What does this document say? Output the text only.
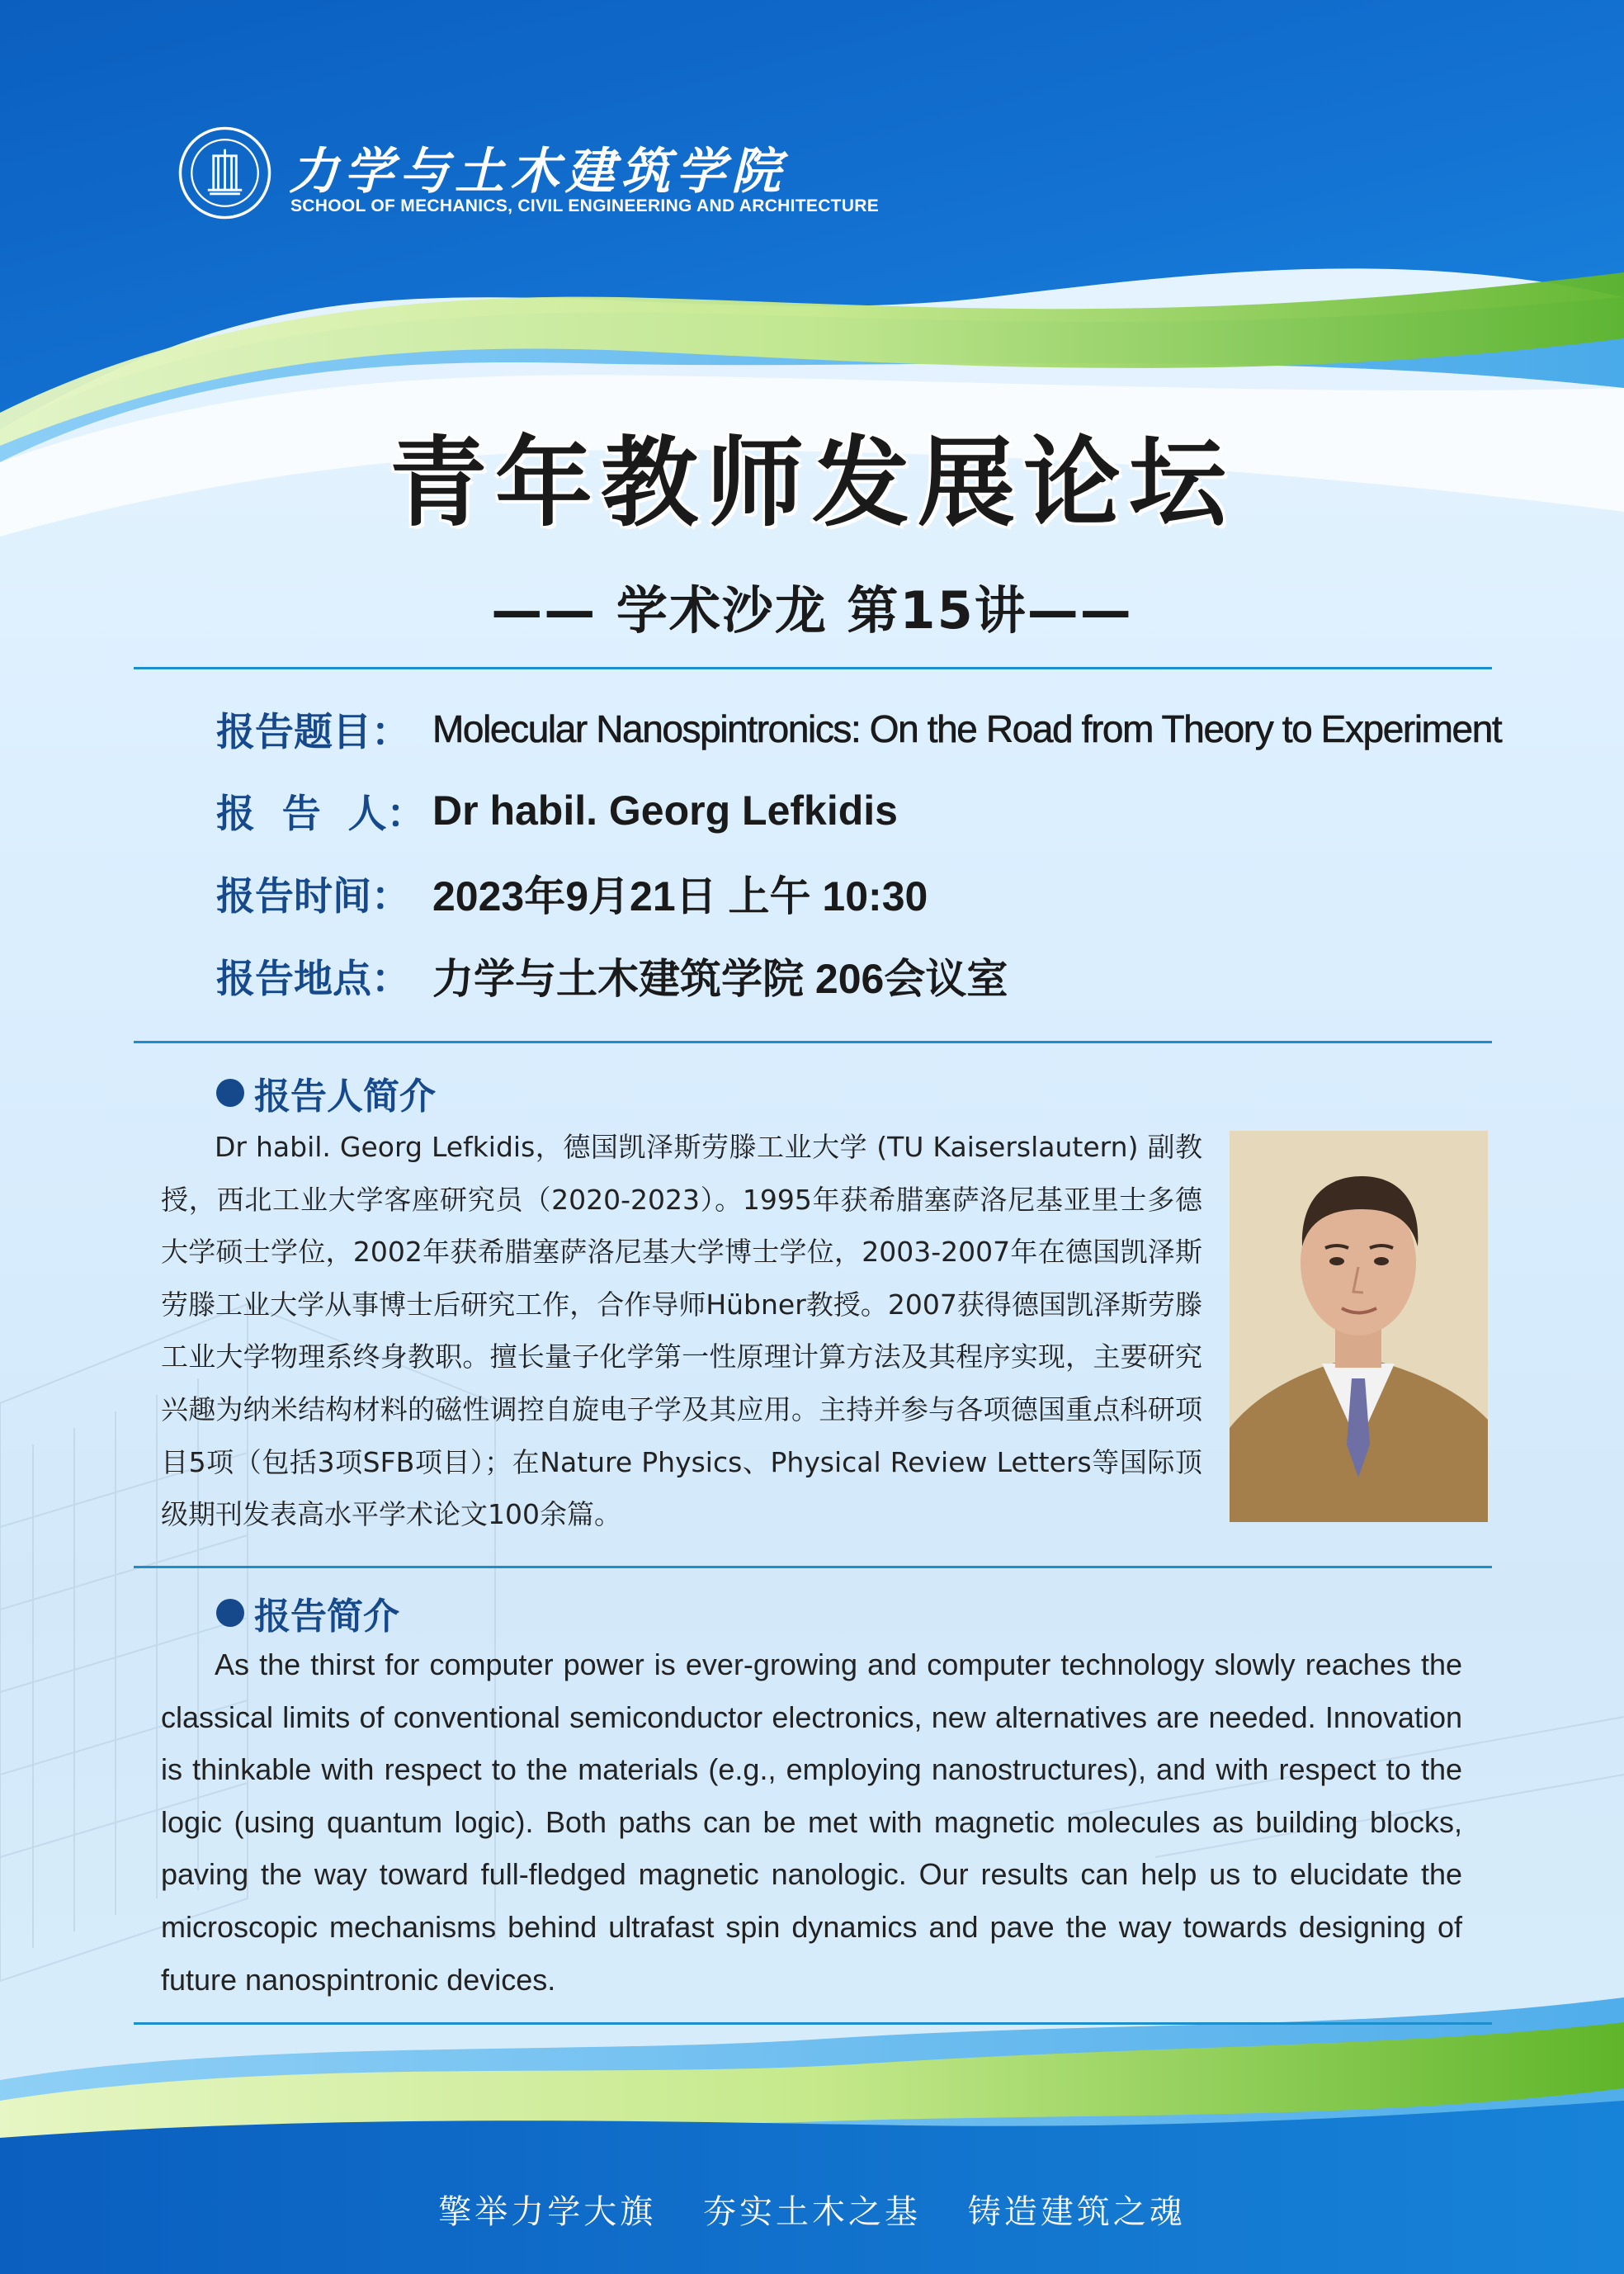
力学与土木建筑学院

SCHOOL OF MECHANICS, CIVIL ENGINEERING AND ARCHITECTURE

青年教师发展论坛
—— 学术沙龙 第15讲——
报告题目： Molecular Nanospintronics: On the Road from Theory to Experiment
报  告  人： Dr habil. Georg Lefkidis
报告时间： 2023年9月21日 上午 10:30
报告地点： 力学与土木建筑学院 206会议室
报告人简介

Dr habil. Georg Lefkidis，德国凯泽斯劳滕工业大学 (TU Kaiserslautern) 副教授，西北工业大学客座研究员（2020-2023）。1995年获希腊塞萨洛尼基亚里士多德大学硕士学位，2002年获希腊塞萨洛尼基大学博士学位，2003-2007年在德国凯泽斯劳滕工业大学从事博士后研究工作，合作导师Hübner教授。2007获得德国凯泽斯劳滕工业大学物理系终身教职。擅长量子化学第一性原理计算方法及其程序实现，主要研究兴趣为纳米结构材料的磁性调控自旋电子学及其应用。主持并参与各项德国重点科研项目5项（包括3项SFB项目）；在Nature Physics、Physical Review Letters等国际顶级期刊发表高水平学术论文100余篇。

报告简介

As the thirst for computer power is ever-growing and computer technology slowly reaches the classical limits of conventional semiconductor electronics, new alternatives are needed. Innovation is thinkable with respect to the materials (e.g., employing nanostructures), and with respect to the logic (using quantum logic). Both paths can be met with magnetic molecules as building blocks, paving the way toward full-fledged magnetic nanologic. Our results can help us to elucidate the microscopic mechanisms behind ultrafast spin dynamics and pave the way towards designing of future nanospintronic devices.

擎举力学大旗 夯实土木之基 铸造建筑之魂
